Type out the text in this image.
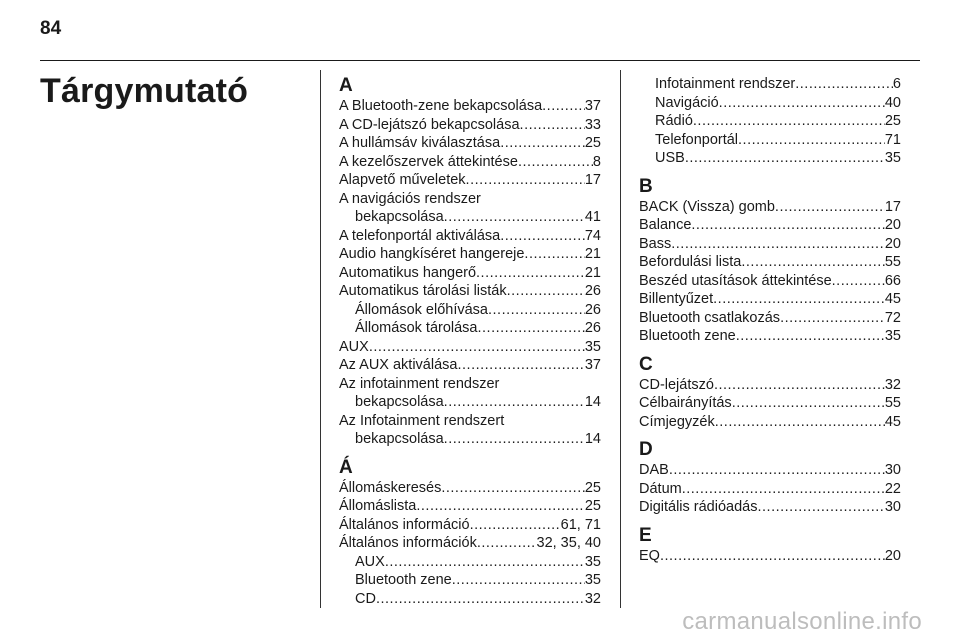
84
Tárgymutató	A
A Bluetooth-zene bekapcsolása .....	37
A CD-lejátszó bekapcsolása .....	33
A hullámsáv kiválasztása .....	25
A kezelőszervek áttekintése .....	8
Alapvető műveletek .....	17
A navigációs rendszer
bekapcsolása .....	41
A telefonportál aktiválása .....	74
Audio hangkíséret hangereje .....	21
Automatikus hangerő .....	21
Automatikus tárolási listák .....	26
Állomások előhívása .....	26
Állomások tárolása .....	26
AUX .....	35
Az AUX aktiválása .....	37
Az infotainment rendszer
bekapcsolása .....	14
Az Infotainment rendszert
bekapcsolása .....	14
Á
Állomáskeresés .....	25
Állomáslista .....	25
Általános információ .....	61, 71
Általános információk .....	32, 35, 40
AUX .....	35
Bluetooth zene .....	35
CD .....	32
Infotainment rendszer .....	6
Navigáció .....	40
Rádió .....	25
Telefonportál .....	71
USB .....	35
B
BACK (Vissza) gomb .....	17
Balance .....	20
Bass .....	20
Befordulási lista .....	55
Beszéd utasítások áttekintése .....	66
Billentyűzet .....	45
Bluetooth csatlakozás .....	72
Bluetooth zene .....	35
C
CD-lejátszó .....	32
Célbairányítás .....	55
Címjegyzék .....	45
D
DAB .....	30
Dátum .....	22
Digitális rádióadás .....	30
E
EQ .....	20
carmanualsonline.info
